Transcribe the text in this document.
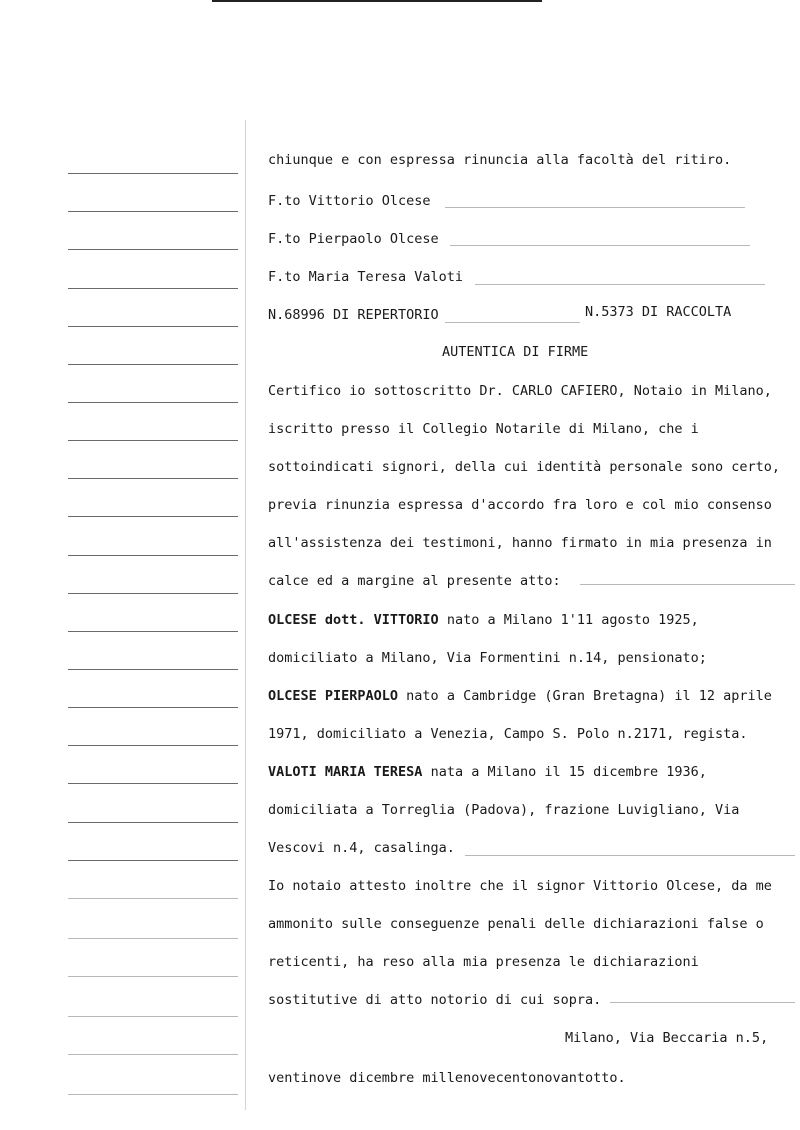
chiunque e con espressa rinuncia alla facoltà del ritiro.
F.to Vittorio Olcese
F.to Pierpaolo Olcese
F.to Maria Teresa Valoti
N.68996 DI REPERTORIO	N.5373 DI RACCOLTA
AUTENTICA DI FIRME
Certifico io sottoscritto Dr. CARLO CAFIERO, Notaio in Milano,
iscritto presso il Collegio Notarile di Milano, che i
sottoindicati signori, della cui identità personale sono certo,
previa rinunzia espressa d'accordo fra loro e col mio consenso
all'assistenza dei testimoni, hanno firmato in mia presenza in
calce ed a margine al presente atto:
OLCESE dott. VITTORIO nato a Milano 1'11 agosto 1925,
domiciliato a Milano, Via Formentini n.14, pensionato;
OLCESE PIERPAOLO nato a Cambridge (Gran Bretagna) il 12 aprile
1971, domiciliato a Venezia, Campo S. Polo n.2171, regista.
VALOTI MARIA TERESA nata a Milano il 15 dicembre 1936,
domiciliata a Torreglia (Padova), frazione Luvigliano, Via
Vescovi n.4, casalinga.
Io notaio attesto inoltre che il signor Vittorio Olcese, da me
ammonito sulle conseguenze penali delle dichiarazioni false o
reticenti, ha reso alla mia presenza le dichiarazioni
sostitutive di atto notorio di cui sopra.
Milano, Via Beccaria n.5,
ventinove dicembre millenovecentonovantotto.
